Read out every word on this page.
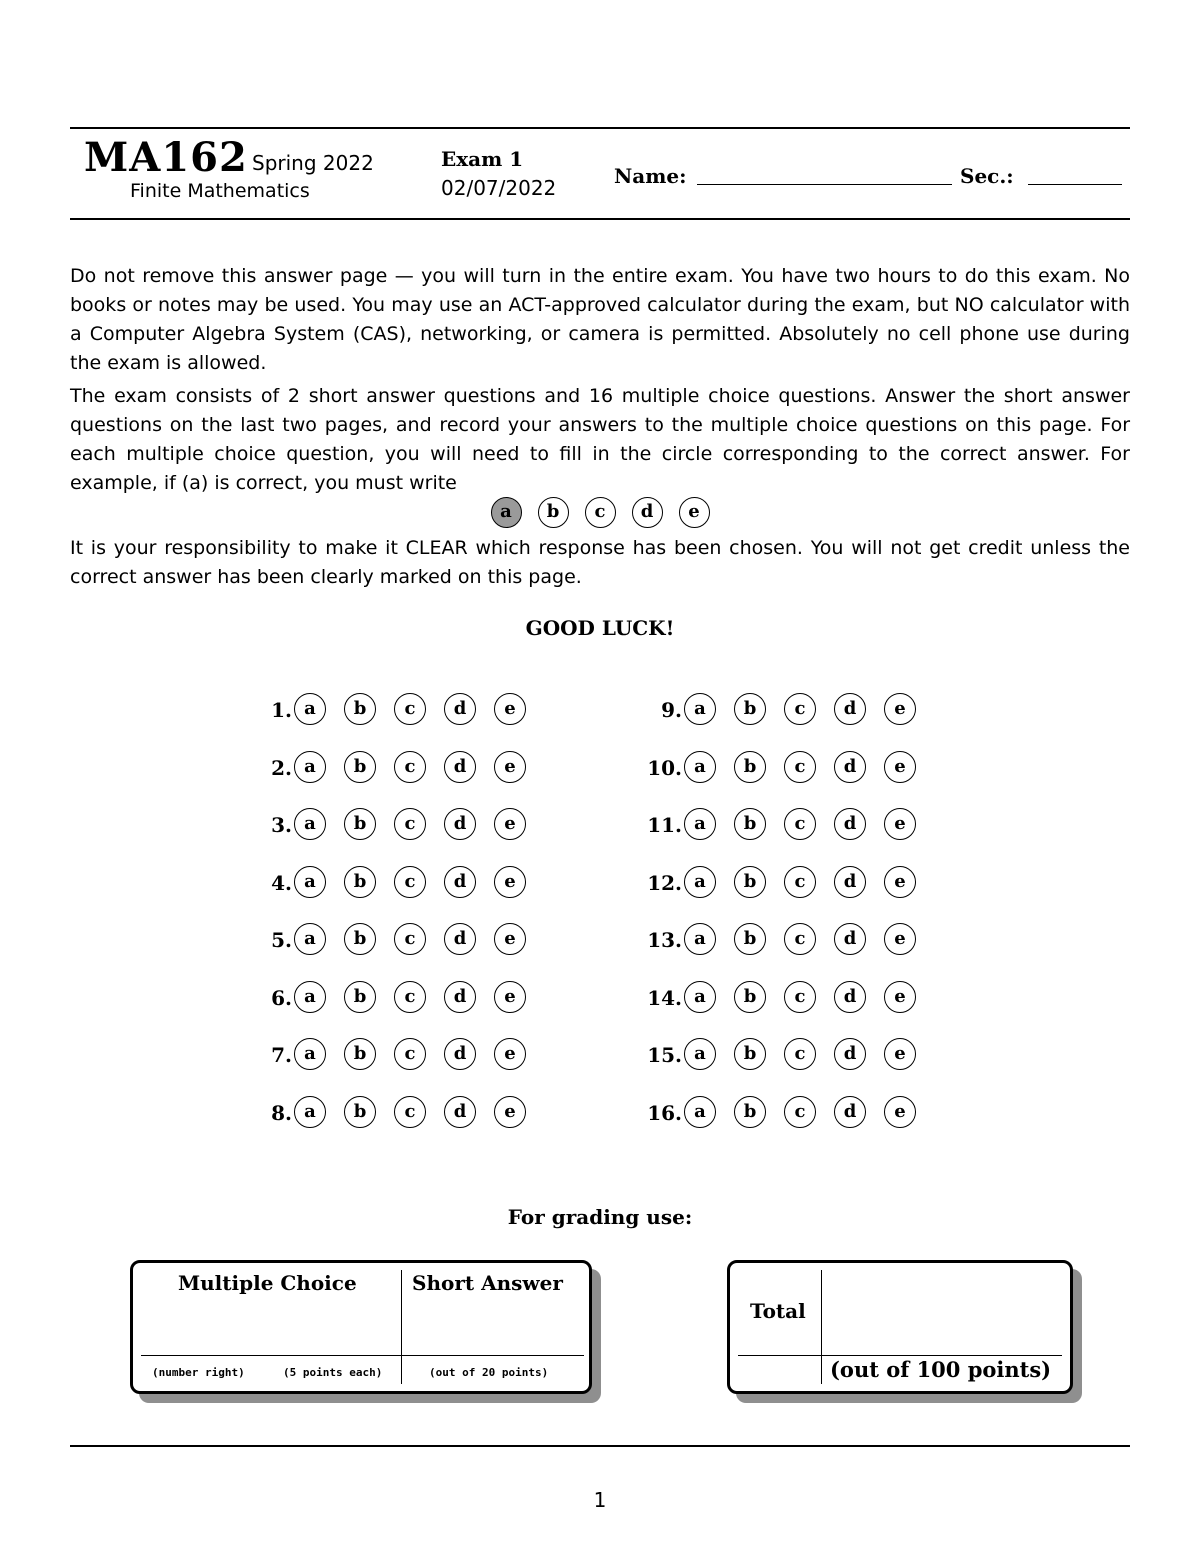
MA162 Spring 2022
Finite Mathematics
Exam 1
02/07/2022	Name:	Sec.:
Do not remove this answer page — you will turn in the entire exam. You have two hours to do this exam. No books or notes may be used. You may use an ACT-approved calculator during the exam, but NO calculator with a Computer Algebra System (CAS), networking, or camera is permitted. Absolutely no cell phone use during the exam is allowed.
The exam consists of 2 short answer questions and 16 multiple choice questions. Answer the short answer questions on the last two pages, and record your answers to the multiple choice questions on this page. For each multiple choice question, you will need to fill in the circle corresponding to the correct answer. For example, if (a) is correct, you must write
a b c d e
It is your responsibility to make it CLEAR which response has been chosen. You will not get credit unless the correct answer has been clearly marked on this page.
GOOD LUCK!
1. a	b	c	d	e
2. a	b	c	d	e
3. a	b	c	d	e
4. a	b	c	d	e
5. a	b	c	d	e
6. a	b	c	d	e
7. a	b	c	d	e
8. a	b	c	d	e
9. a	b	c	d	e
10. a	b	c	d	e
11. a	b	c	d	e
12. a	b	c	d	e
13. a	b	c	d	e
14. a	b	c	d	e
15. a	b	c	d	e
16. a	b	c	d	e
For grading use:
Multiple Choice	Short Answer
(number right)	(5 points each)	(out of 20 points)
Total
(out of 100 points)
1
